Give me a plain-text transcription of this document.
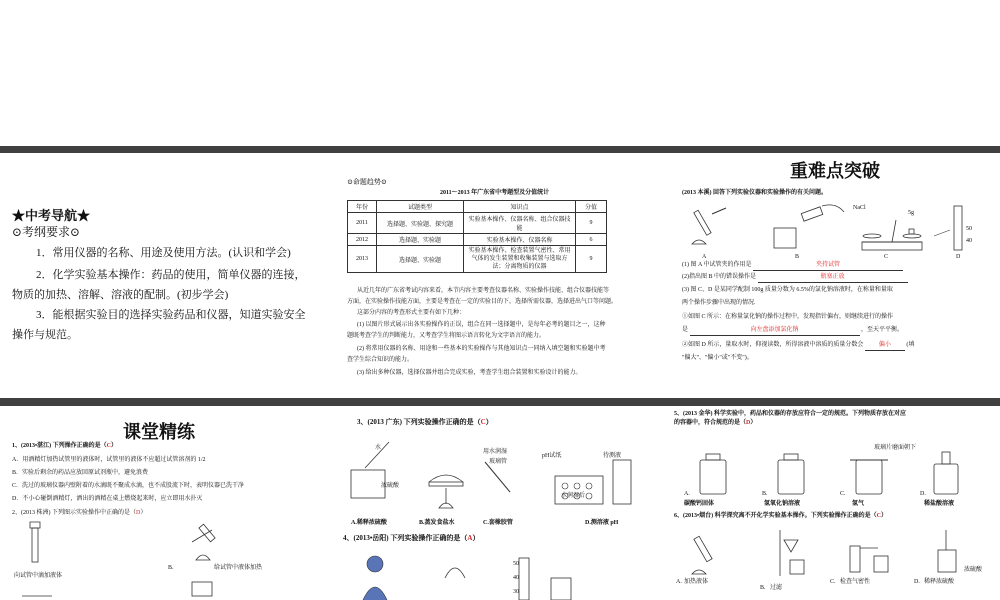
★中考导航★
⊙考纲要求⊙
1．常用仪器的名称、用途及使用方法。(认识和学会)
2．化学实验基本操作：药品的使用，简单仪器的连接，
物质的加热、溶解、溶液的配制。(初步学会)
3．能根据实验目的选择实验药品和仪器，知道实验安全
操作与规范。
⊙命题趋势⊙
2011～2013 年广东省中考题型及分值统计
年份	试题类型	知识点	分值
2011	选择题、实验题、探究题	实验基本操作、仪器名称、组合仪器技能	9
2012	选择题、实验题	实验基本操作、仪器名称	6
2013	选择题、实验题	实验基本操作、检查装置气密性、常用气体的发生装置和收集装置与选取方法；分离物质的仪器	9
从近几年的广东省考试内容来看，本节内容主要考查仪器名称、实验操作技能、组合仪器技能等
方面，在实验操作技能方面，主要是考查在一定的实验目的下，选择所需仪器，选择进出气口等问题。
这部分内容的考查形式主要有如下几种：
(1) 以图片形式展示出各实验操作的正误，组合在同一选择题中，是每年必考的题目之一，这种
题既考查学生的判断能力，又考查学生将图示语言转化为文字语言的能力。
(2) 将常用仪器的名称、用途和一些基本的实验操作与其他知识点一同纳入填空题和实验题中考
查学生综合知识的能力。
(3) 给出多种仪器，选择仪器并组合完成实验，考查学生组合装置和实验设计的能力。
重难点突破
(2013 本溪) 回答下列实验仪器和实验操作的有关问题。
NaCl
5g
50
40
A	B	C	D
(1) 图 A 中试管夹的作用是	夹持试管
(2)指出图 B 中的错误操作是	瓶塞正放
(3) 图 C、D 是某同学配制 100g 质量分数为 6.5%的氯化钠溶液时，在称量和量取
两个操作步骤中出现的情况.
①如图 C 所示：在称量氯化钠的操作过程中，发现指针偏右，则继续进行的操作
是	向左盘添加氯化钠	，至天平平衡。
②如图 D 所示，量取水时，仰视读数，所得溶液中溶质的质量分数会	偏小	(填
"偏大"、"偏小"或"不变")。
课堂精练
1、(2013•湛江) 下列操作正确的是（C）
A．用酒精灯加热试管里的液体时，试管里的液体不应超过试管溶剂的 1/2
B．实验后剩余的药品应放回原试剂瓶中，避免浪费
C．洗过的玻璃仪器内壁附着的水滴既不聚成水滴，也不成股流下时，表明仪器已洗干净
D．不小心碰倒酒精灯，洒出的酒精在桌上燃烧起来时，应立即用水扑灭
2、(2013 株洲) 下列图示实验操作中正确的是（D）
向试管中滴加液体
B.	给试管中液体加热
3、(2013 广东) 下列实验操作正确的是（C）
水
浓硫酸
用水润湿
玻璃管
pH试纸	待测液
水润湿后
A.稀释浓硫酸	B.蒸发食盐水	C.套橡胶管	D.测溶液 pH
4、(2013•岳阳) 下列实验操作正确的是（A）
50
40
30
5、(2013 金华) 科学实验中，药品和仪器的存放应符合一定的规范。下列物质存放在对应
的容器中，符合规范的是（D）
玻璃片磨面朝下
A.	B.	C.	D.
碳酸钙固体	氢氧化钠溶液	氢气	稀盐酸溶液
6、(2013•烟台) 科学探究离不开化学实验基本操作。下列实验操作正确的是（C）
浓硫酸
A. 加热液体
B. 过滤
C. 检查气密性	D. 稀释浓硫酸
